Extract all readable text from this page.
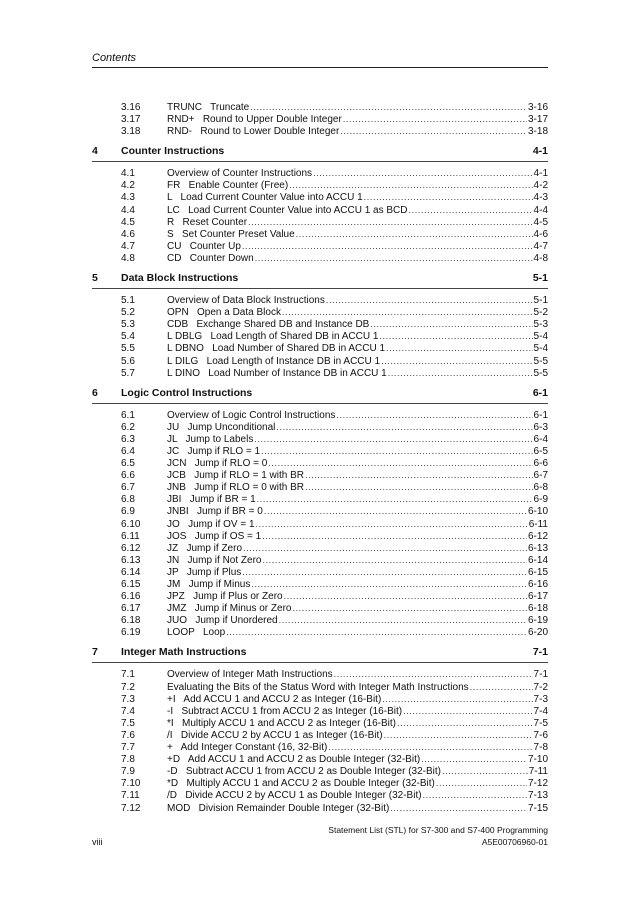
Contents
3.16	TRUNC   Truncate .....	3-16
3.17	RND+   Round to Upper Double Integer .....	3-17
3.18	RND-   Round to Lower Double Integer .....	3-18
4	Counter Instructions	4-1
4.1	Overview of Counter Instructions .....	4-1
4.2	FR   Enable Counter (Free) .....	4-2
4.3	L   Load Current Counter Value into ACCU 1 .....	4-3
4.4	LC   Load Current Counter Value into ACCU 1 as BCD .....	4-4
4.5	R   Reset Counter .....	4-5
4.6	S   Set Counter Preset Value .....	4-6
4.7	CU   Counter Up .....	4-7
4.8	CD   Counter Down .....	4-8
5	Data Block Instructions	5-1
5.1	Overview of Data Block Instructions .....	5-1
5.2	OPN   Open a Data Block .....	5-2
5.3	CDB   Exchange Shared DB and Instance DB .....	5-3
5.4	L DBLG   Load Length of Shared DB in ACCU 1 .....	5-4
5.5	L DBNO   Load Number of Shared DB in ACCU 1 .....	5-4
5.6	L DILG   Load Length of Instance DB in ACCU 1 .....	5-5
5.7	L DINO   Load Number of Instance DB in ACCU 1 .....	5-5
6	Logic Control Instructions	6-1
6.1	Overview of Logic Control Instructions .....	6-1
6.2	JU   Jump Unconditional .....	6-3
6.3	JL   Jump to Labels .....	6-4
6.4	JC   Jump if RLO = 1 .....	6-5
6.5	JCN   Jump if RLO = 0 .....	6-6
6.6	JCB   Jump if RLO = 1 with BR .....	6-7
6.7	JNB   Jump if RLO = 0 with BR .....	6-8
6.8	JBI   Jump if BR = 1 .....	6-9
6.9	JNBI   Jump if BR = 0 .....	6-10
6.10	JO   Jump if OV = 1 .....	6-11
6.11	JOS   Jump if OS = 1 .....	6-12
6.12	JZ   Jump if Zero .....	6-13
6.13	JN   Jump if Not Zero .....	6-14
6.14	JP   Jump if Plus .....	6-15
6.15	JM   Jump if Minus .....	6-16
6.16	JPZ   Jump if Plus or Zero .....	6-17
6.17	JMZ   Jump if Minus or Zero .....	6-18
6.18	JUO   Jump if Unordered .....	6-19
6.19	LOOP   Loop .....	6-20
7	Integer Math Instructions	7-1
7.1	Overview of Integer Math Instructions .....	7-1
7.2	Evaluating the Bits of the Status Word with Integer Math Instructions .....	7-2
7.3	+I   Add ACCU 1 and ACCU 2 as Integer (16-Bit) .....	7-3
7.4	-I   Subtract ACCU 1 from ACCU 2 as Integer (16-Bit) .....	7-4
7.5	*I   Multiply ACCU 1 and ACCU 2 as Integer (16-Bit) .....	7-5
7.6	/I   Divide ACCU 2 by ACCU 1 as Integer (16-Bit) .....	7-6
7.7	+   Add Integer Constant (16, 32-Bit) .....	7-8
7.8	+D   Add ACCU 1 and ACCU 2 as Double Integer (32-Bit) .....	7-10
7.9	-D   Subtract ACCU 1 from ACCU 2 as Double Integer (32-Bit) .....	7-11
7.10	*D   Multiply ACCU 1 and ACCU 2 as Double Integer (32-Bit) .....	7-12
7.11	/D   Divide ACCU 2 by ACCU 1 as Double Integer (32-Bit) .....	7-13
7.12	MOD   Division Remainder Double Integer (32-Bit) .....	7-15
Statement List (STL) for S7-300 and S7-400 Programming
A5E00706960-01
viii
